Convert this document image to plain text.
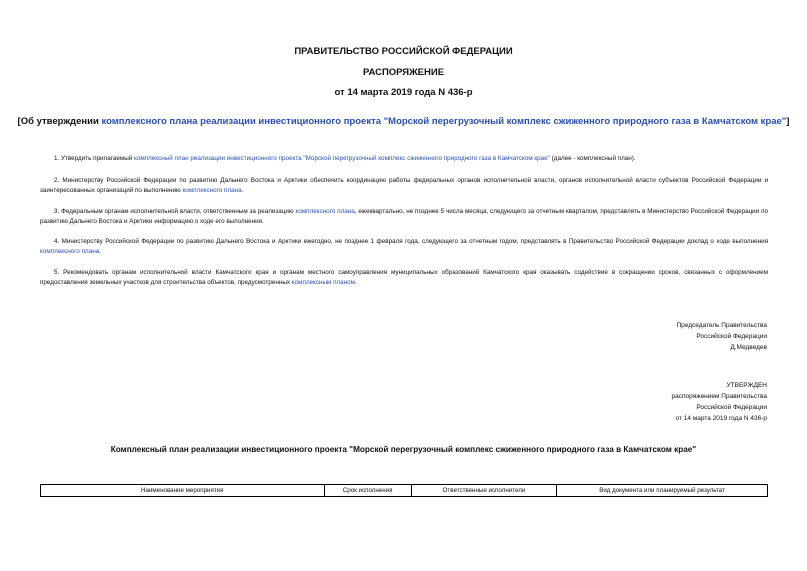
ПРАВИТЕЛЬСТВО РОССИЙСКОЙ ФЕДЕРАЦИИ
РАСПОРЯЖЕНИЕ
от 14 марта 2019 года N 436-р
[Об утверждении комплексного плана реализации инвестиционного проекта "Морской перегрузочный комплекс сжиженного природного газа в Камчатском крае"]
1. Утвердить прилагаемый комплексный план реализации инвестиционного проекта "Морской перегрузочный комплекс сжиженного природного газа в Камчатском крае" (далее - комплексный план).
2. Министерству Российской Федерации по развитию Дальнего Востока и Арктики обеспечить координацию работы федеральных органов исполнительной власти, органов исполнительной власти субъектов Российской Федерации и заинтересованных организаций по выполнению комплексного плана.
3. Федеральным органам исполнительной власти, ответственным за реализацию комплексного плана, ежеквартально, не позднее 5 числа месяца, следующего за отчетным кварталом, представлять в Министерство Российской Федерации по развитию Дальнего Востока и Арктики информацию о ходе его выполнения.
4. Министерству Российской Федерации по развитию Дальнего Востока и Арктики ежегодно, не позднее 1 февраля года, следующего за отчетным годом, представлять в Правительство Российской Федерации доклад о ходе выполнения комплексного плана.
5. Рекомендовать органам исполнительной власти Камчатского края и органам местного самоуправления муниципальных образований Камчатского края оказывать содействие в сокращении сроков, связанных с оформлением предоставления земельных участков для строительства объектов, предусмотренных комплексным планом.
Председатель Правительства
Российской Федерации
Д.Медведев
УТВЕРЖДЕН
распоряжением Правительства
Российской Федерации
от 14 марта 2019 года N 436-р
Комплексный план реализации инвестиционного проекта "Морской перегрузочный комплекс сжиженного природного газа в Камчатском крае"
Наименование мероприятия	Срок исполнения	Ответственные исполнители	Вид документа или планируемый результат
